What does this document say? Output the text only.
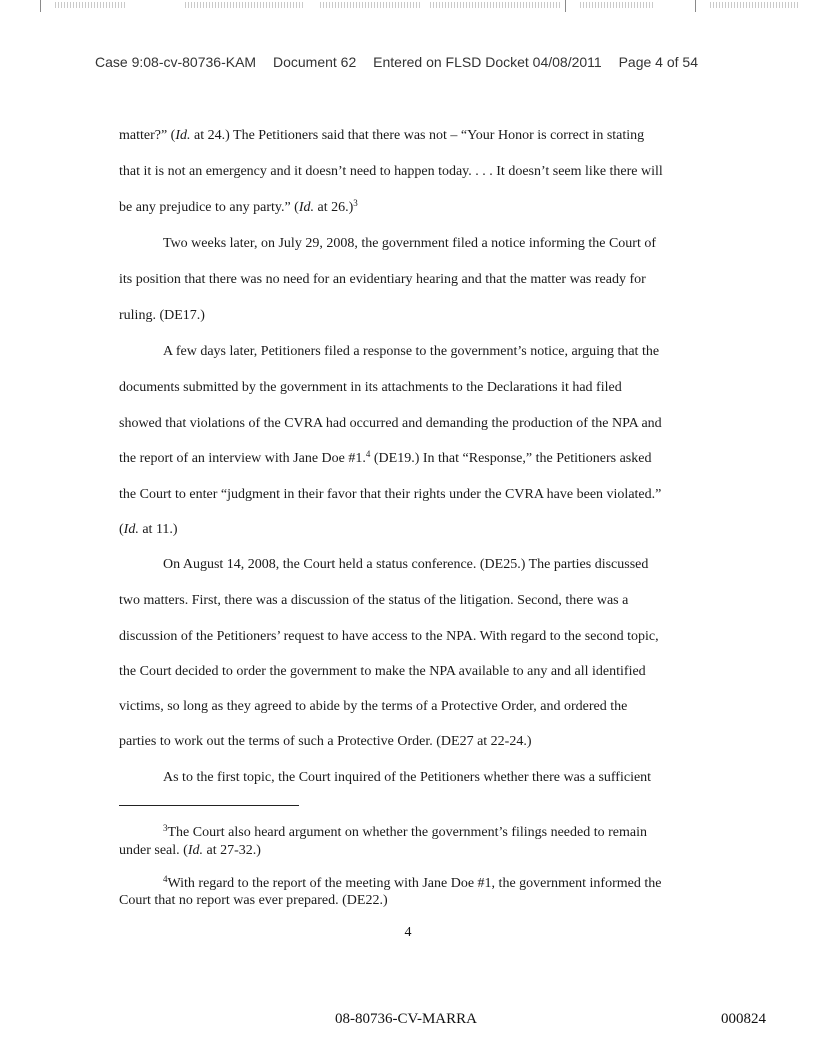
Case 9:08-cv-80736-KAM Document 62 Entered on FLSD Docket 04/08/2011 Page 4 of 54
matter?” (Id. at 24.) The Petitioners said that there was not – “Your Honor is correct in stating
that it is not an emergency and it doesn’t need to happen today. . . . It doesn’t seem like there will
be any prejudice to any party.” (Id. at 26.)$^3$
Two weeks later, on July 29, 2008, the government filed a notice informing the Court of
its position that there was no need for an evidentiary hearing and that the matter was ready for
ruling. (DE17.)
A few days later, Petitioners filed a response to the government’s notice, arguing that the
documents submitted by the government in its attachments to the Declarations it had filed
showed that violations of the CVRA had occurred and demanding the production of the NPA and
the report of an interview with Jane Doe #1.$^4$ (DE19.) In that “Response,” the Petitioners asked
the Court to enter “judgment in their favor that their rights under the CVRA have been violated.”
(Id. at 11.)
On August 14, 2008, the Court held a status conference. (DE25.) The parties discussed
two matters. First, there was a discussion of the status of the litigation. Second, there was a
discussion of the Petitioners’ request to have access to the NPA. With regard to the second topic,
the Court decided to order the government to make the NPA available to any and all identified
victims, so long as they agreed to abide by the terms of a Protective Order, and ordered the
parties to work out the terms of such a Protective Order. (DE27 at 22-24.)
As to the first topic, the Court inquired of the Petitioners whether there was a sufficient
$^3$The Court also heard argument on whether the government’s filings needed to remain
under seal. (Id. at 27-32.)
$^4$With regard to the report of the meeting with Jane Doe #1, the government informed the
Court that no report was ever prepared. (DE22.)
4
08-80736-CV-MARRA	000824
